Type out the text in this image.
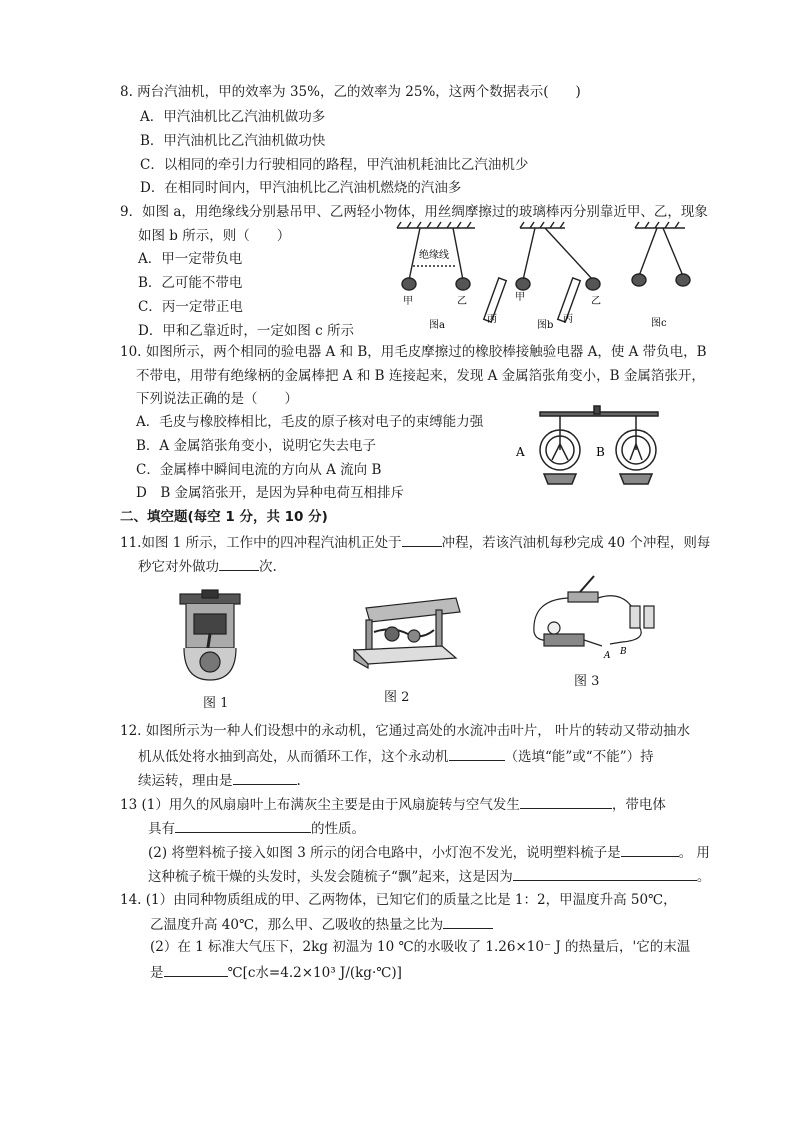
8. 两台汽油机，甲的效率为 35%，乙的效率为 25%，这两个数据表示(　　)
A．甲汽油机比乙汽油机做功多
B．甲汽油机比乙汽油机做功快
C．以相同的牵引力行驶相同的路程，甲汽油机耗油比乙汽油机少
D．在相同时间内，甲汽油机比乙汽油机燃烧的汽油多
9．如图 a，用绝缘线分别悬吊甲、乙两轻小物体，用丝绸摩擦过的玻璃棒丙分别靠近甲、乙，现象
如图 b 所示，则（　　）
A．甲一定带负电
B．乙可能不带电
C．丙一定带正电
D．甲和乙靠近时，一定如图 c 所示
绝缘线
甲	乙
图a
甲	乙
丙	丙
图b	图c
10. 如图所示，两个相同的验电器 A 和 B，用毛皮摩擦过的橡胶棒接触验电器 A，使 A 带负电，B
不带电，用带有绝缘柄的金属棒把 A 和 B 连接起来，发现 A 金属箔张角变小，B 金属箔张开，
下列说法正确的是（　　）
A．毛皮与橡胶棒相比，毛皮的原子核对电子的束缚能力强
B．A 金属箔张角变小，说明它失去电子
C．金属棒中瞬间电流的方向从 A 流向 B
D　B 金属箔张开，是因为异种电荷互相排斥
A	B
二、填空题(每空 1 分，共 10 分)
11.如图 1 所示，工作中的四冲程汽油机正处于	冲程，若该汽油机每秒完成 40 个冲程，则每
秒它对外做功	次.
图 1	图 2
A B
图 3
12. 如图所示为一种人们设想中的永动机，它通过高处的水流冲击叶片， 叶片的转动又带动抽水
机从低处将水抽到高处，从而循环工作，这个永动机	（选填“能”或“不能”）持
续运转，理由是	.
13 (1）用久的风扇扇叶上布满灰尘主要是由于风扇旋转与空气发生	，带电体
具有	的性质。
(2) 将塑料梳子接入如图 3 所示的闭合电路中，小灯泡不发光，说明塑料梳子是	。 用
这种梳子梳干燥的头发时，头发会随梳子“飘”起来，这是因为	。
14. (1）由同种物质组成的甲、乙两物体，已知它们的质量之比是 1：2，甲温度升高 50℃，
乙温度升高 40℃，那么甲、乙吸收的热量之比为
(2）在 1 标准大气压下，2kg 初温为 10 ℃的水吸收了 1.26×10⁻ J 的热量后，'它的末温
是	℃[c水=4.2×10³ J/(kg·℃)]
